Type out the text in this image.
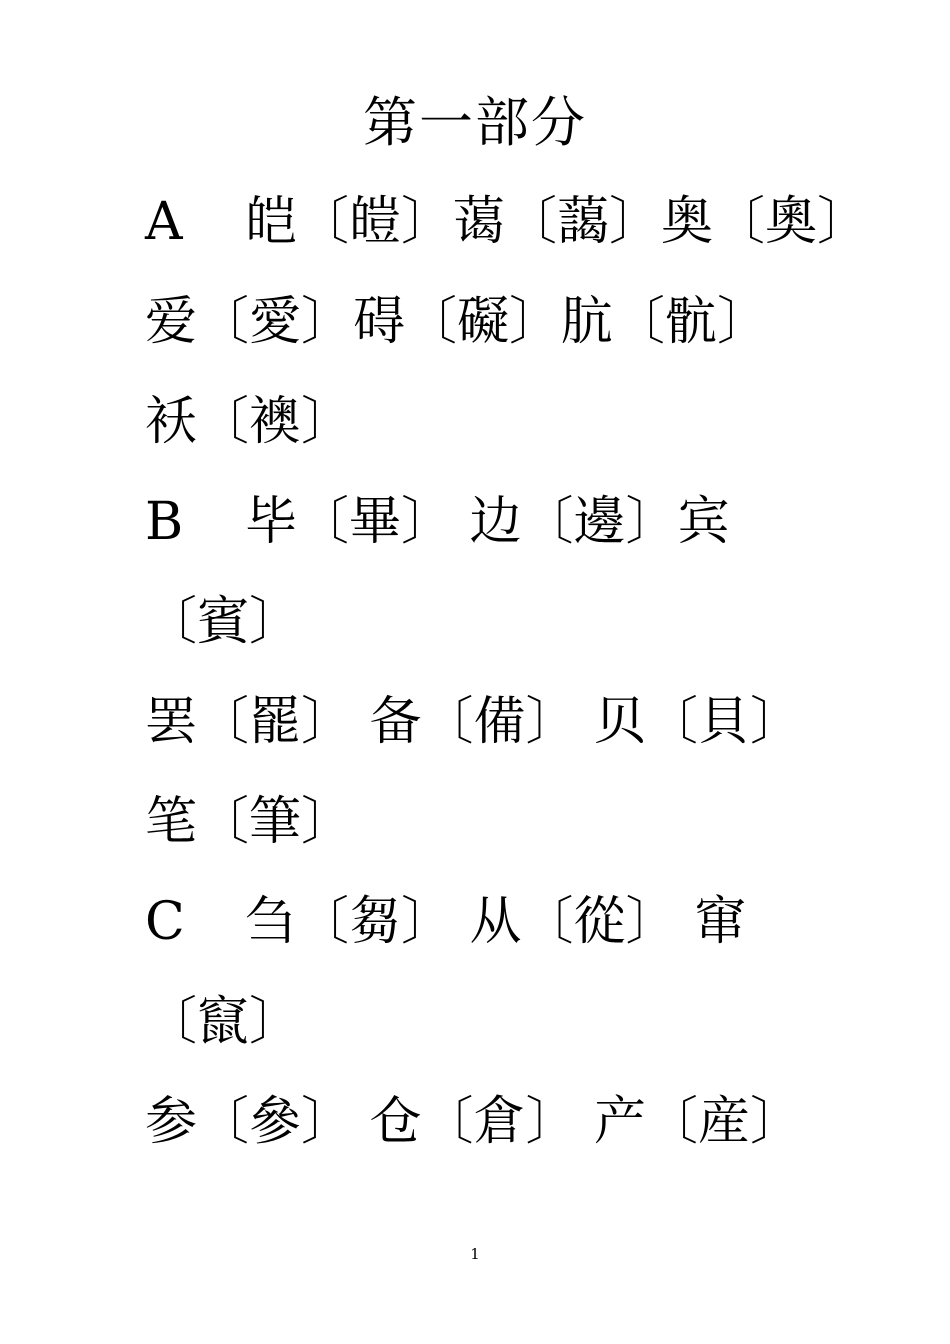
第一部分
A 皑〔皚〕蔼〔藹〕奥〔奧〕
爱〔愛〕碍〔礙〕肮〔骯〕
袄〔襖〕
B 毕〔畢〕 边〔邊〕宾
〔賓〕
罢〔罷〕 备〔備〕 贝〔貝〕
笔〔筆〕
C 刍〔芻〕 从〔從〕 窜
〔竄〕
参〔參〕 仓〔倉〕 产〔産〕
1
